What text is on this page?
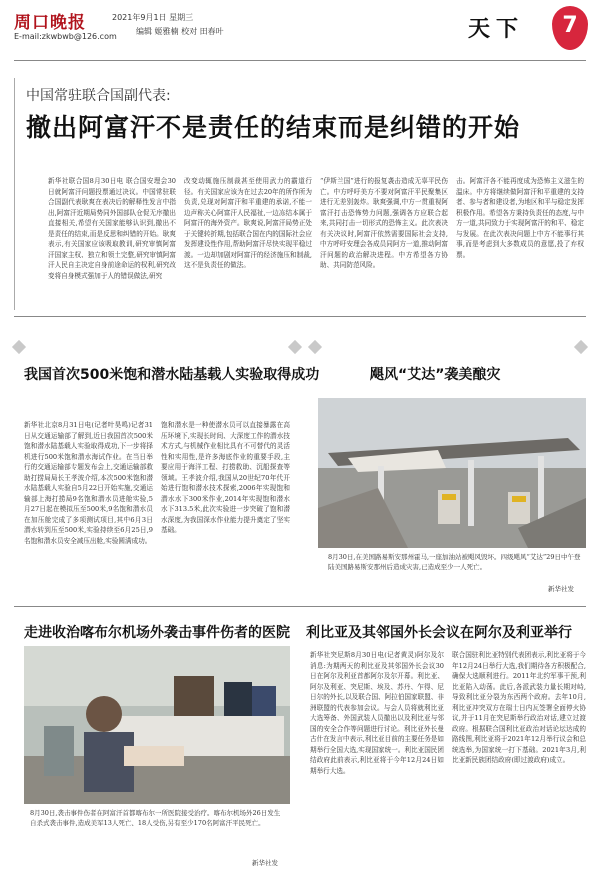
周口晚报
E-mail:zkwbwb@126.com
2021年9月1日 星期三
编辑 姬雅楠 校对 田春叶	天下	7
中国常驻联合国副代表:
撤出阿富汗不是责任的结束而是纠错的开始
新华社联合国8月30日电 联合国安理会30日就阿富汗问题投票通过决议。中国常驻联合国副代表耿爽在表决后的解释性发言中指出,阿富汗近期局势同外国部队仓促无序撤出直接相关,希望有关国家能够认识到,撤出不是责任的结束,而是反思和纠错的开始。耿爽表示,有关国家应该吸取教训,研究审慎阿富汗国家主权、独立和领土完整,研究审慎阿富汗人民自主决定自身前途命运的权利,研究改变将自身模式强加于人的错误做法,研究
改变动辄施压制裁甚至使用武力的霸道行径。有关国家应该为在过去20年的所作所为负责,兑现对阿富汗和平重建的承诺,不能一边声称关心阿富汗人民福祉,一边冻结本属于阿富汗的海外资产。耿爽说,阿富汗局势正处于关键转折期,包括联合国在内的国际社会应发挥建设性作用,帮助阿富汗尽快实现平稳过渡。一边却加剧对阿富汗的经济施压和制裁,这不是负责任的做法。
“伊斯兰国”进行的报复袭击造成无辜平民伤亡。中方呼吁美方不要对阿富汗平民聚集区进行无差别轰炸。耿爽强调,中方一贯重视阿富汗打击恐怖势力问题,强调各方应联合起来,共同打击一切形式的恐怖主义。此次表决有关决议时,阿富汗依然需要国际社会支持,中方呼吁安理会各成员同阿方一道,推动阿富汗问题的政治解决进程。中方希望各方协助、共同防范风险。
击。阿富汗各不能再度成为恐怖主义滋生的温床。中方将继续做阿富汗和平重建的支持者、参与者和建设者,为地区和平与稳定发挥积极作用。希望各方秉持负责任的态度,与中方一道,共同致力于实现阿富汗的和平、稳定与发展。在此次表决问题上中方不能事行其事,而是考虑到大多数成员的意愿,投了弃权票。
我国首次500米饱和潜水陆基载人实验取得成功
新华社北京8月31日电(记者叶昊鸣)记者31日从交通运输部了解到,近日我国首次500米饱和潜水陆基载人实验取得成功,下一步将择机进行500米饱和潜水海试作业。在当日举行的交通运输部专题发布会上,交通运输部救助打捞局局长王孝波介绍,本次500米饱和潜水陆基载人实验自5月22日开始实施,交通运输部上海打捞局9名饱和潜水员进舱实验,5月27日起在模拟压至500米,9名饱和潜水员在加压舱完成了多项测试项目,其中6月3日潜水转到压至500米,实验持续至6月25日,9名饱和潜水员安全减压出舱,实验圆满成功。
饱和潜水是一种使潜水员可以直接暴露在高压环境下,实现长时间、大深度工作的潜水技术方式,与机械作业相比具有不可替代的灵活性和实用性,是许多海底作业的重要手段,主要应用于海洋工程、打捞救助、沉船探查等领域。王孝波介绍,我国从20世纪70年代开始进行饱和潜水技术探索,2006年实现饱和潜水水下300米作业,2014年实现饱和潜水水下313.5米,此次实验进一步突破了饱和潜水深度,为我国深水作业能力提升奠定了坚实基础。
飓风“艾达”袭美酿灾
8月30日,在美国路易斯安那州霍马,一座加油站被飓风毁坏。四级飓风“艾达”29日中午登陆美国路易斯安那州后造成灾害,已造成至少一人死亡。
新华社发
走进收治喀布尔机场外袭击事件伤者的医院
8月30日,袭击事件伤者在阿富汗首都喀布尔一所医院接受治疗。喀布尔机场外26日发生自杀式袭击事件,造成美军13人死亡、18人受伤,另有至少170名阿富汗平民死亡。
新华社发
利比亚及其邻国外长会议在阿尔及利亚举行
新华社突尼斯8月30日电(记者黄灵)阿尔及尔消息:为期两天的利比亚及其邻国外长会议30日在阿尔及利亚首都阿尔及尔开幕。利比亚、阿尔及利亚、突尼斯、埃及、苏丹、乍得、尼日尔的外长,以及联合国、阿拉伯国家联盟、非洲联盟的代表参加会议。与会人员将就利比亚大选筹备、外国武装人员撤出以及利比亚与邻国的安全合作等问题进行讨论。利比亚外长曼古什在发言中表示,利比亚目前的主要任务是如期举行全国大选,实现国家统一。利比亚国民团结政府此前表示,利比亚将于今年12月24日如期举行大选。
联合国驻利比亚特别代表团表示,利比亚将于今年12月24日举行大选,我们期待各方积极配合,确保大选顺利进行。2011年北约军事干预,利比亚陷入动荡。此后,各派武装力量长期对峙,导致利比亚分裂为东西两个政府。去年10月,利比亚冲突双方在瑞士日内瓦签署全面停火协议,并于11月在突尼斯举行政治对话,建立过渡政府。根据联合国利比亚政治对话论坛达成的路线图,利比亚将于2021年12月举行议会和总统选举,为国家统一打下基础。2021年3月,利比亚新民族团结政府(即过渡政府)成立。
